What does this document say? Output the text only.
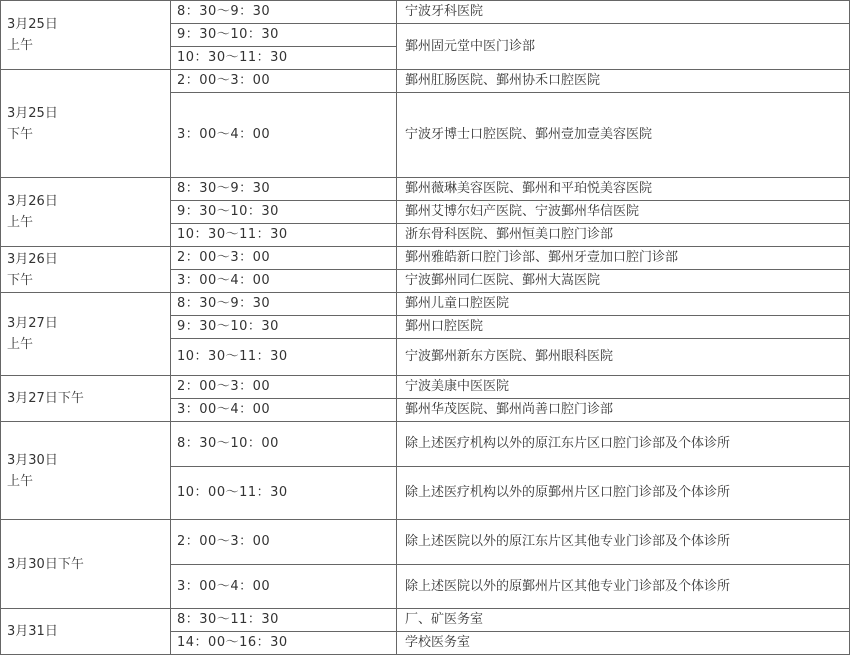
3月25日
上午	8：30～9：30	宁波牙科医院
	9：30～10：30	鄞州固元堂中医门诊部
	10：30～11：30	
3月25日
下午	2：00～3：00	鄞州肛肠医院、鄞州协禾口腔医院
	3：00～4：00	宁波牙博士口腔医院、鄞州壹加壹美容医院
3月26日
上午	8：30～9：30	鄞州薇琳美容医院、鄞州和平珀悦美容医院
	9：30～10：30	鄞州艾博尔妇产医院、宁波鄞州华信医院
	10：30～11：30	浙东骨科医院、鄞州恒美口腔门诊部
3月26日
下午	2：00～3：00	鄞州雅皓新口腔门诊部、鄞州牙壹加口腔门诊部
	3：00～4：00	宁波鄞州同仁医院、鄞州大嵩医院
3月27日
上午	8：30～9：30	鄞州儿童口腔医院
	9：30～10：30	鄞州口腔医院
	10：30～11：30	宁波鄞州新东方医院、鄞州眼科医院
3月27日下午	2：00～3：00	宁波美康中医医院
	3：00～4：00	鄞州华茂医院、鄞州尚善口腔门诊部
3月30日
上午	8：30～10：00	除上述医疗机构以外的原江东片区口腔门诊部及个体诊所
	10：00～11：30	除上述医疗机构以外的原鄞州片区口腔门诊部及个体诊所
3月30日下午	2：00～3：00	除上述医院以外的原江东片区其他专业门诊部及个体诊所
	3：00～4：00	除上述医院以外的原鄞州片区其他专业门诊部及个体诊所
3月31日	8：30～11：30	厂、矿医务室
	14：00～16：30	学校医务室
